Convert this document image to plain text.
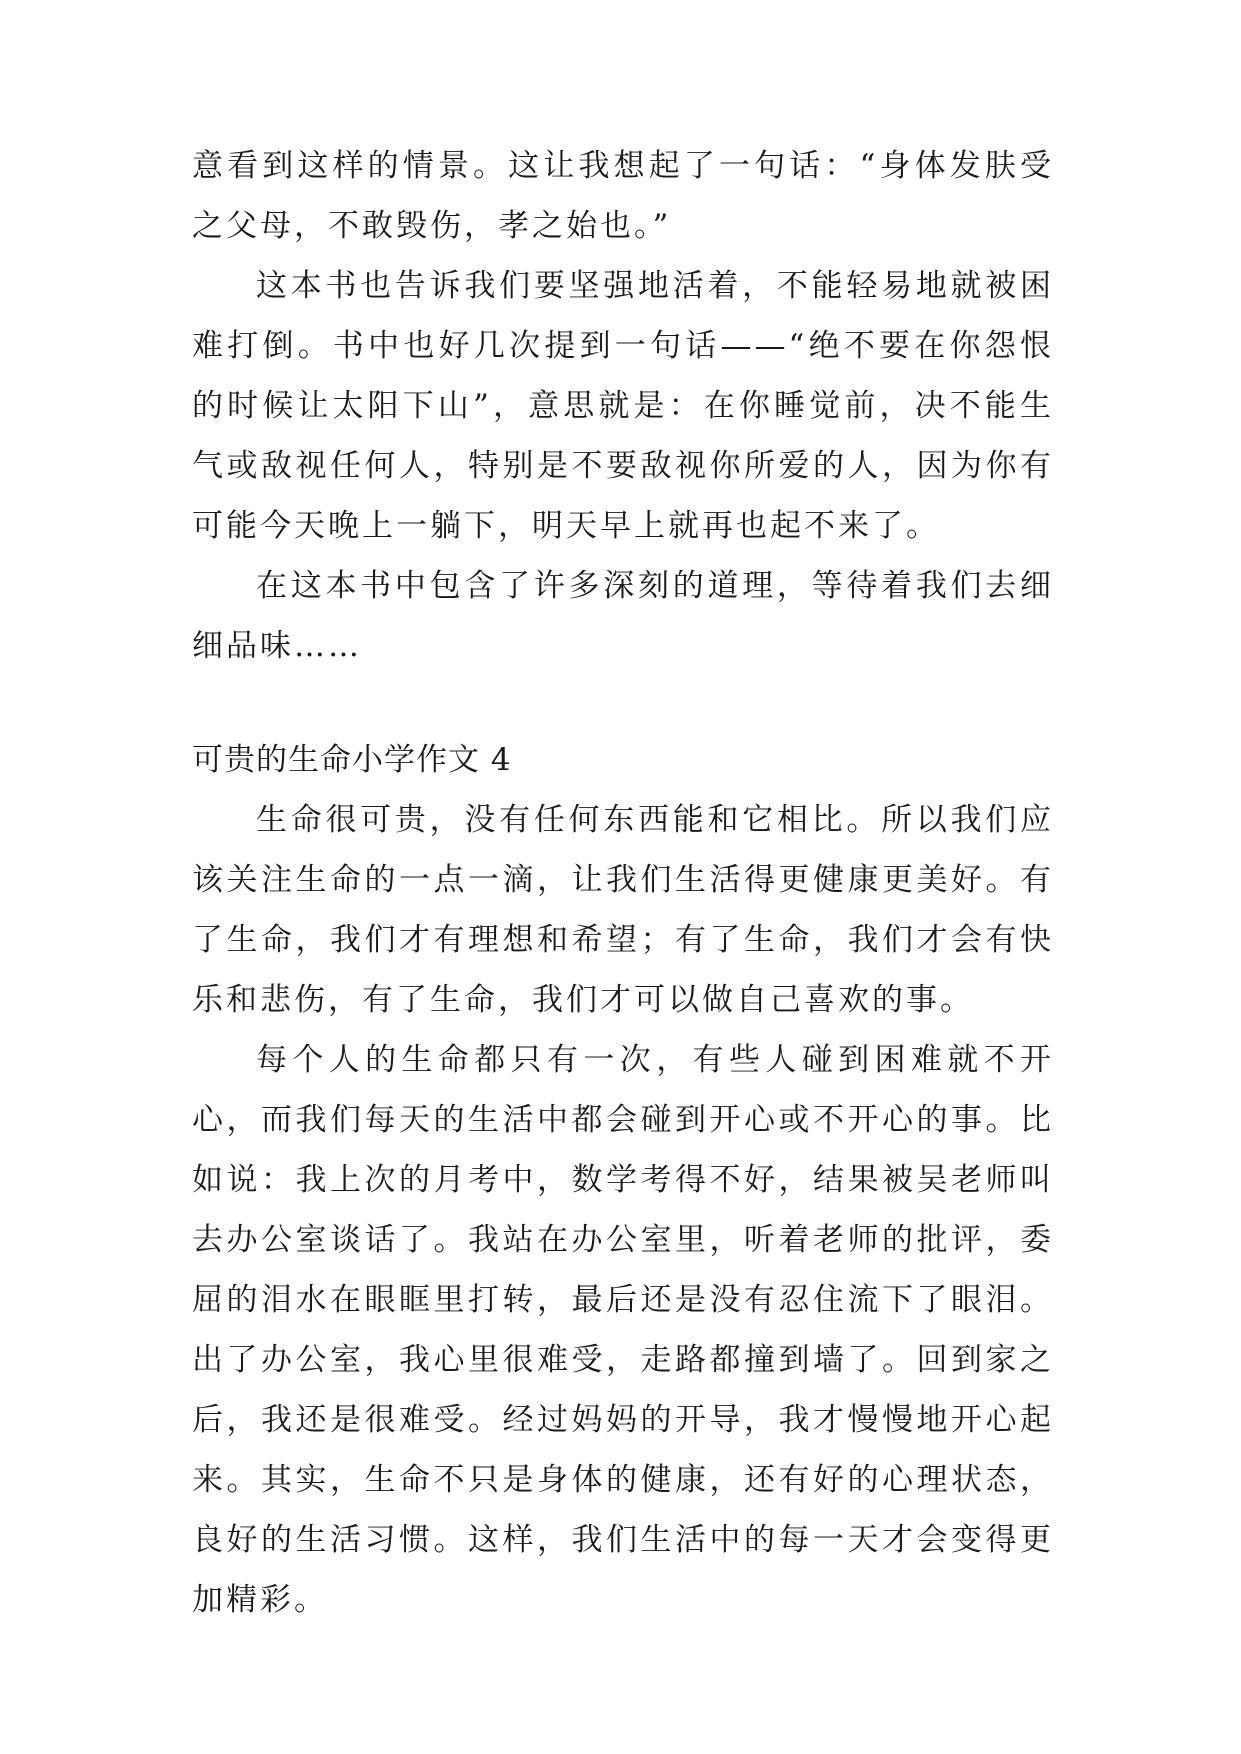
意看到这样的情景。这让我想起了一句话：“身体发肤受之父母，不敢毁伤，孝之始也。”

这本书也告诉我们要坚强地活着，不能轻易地就被困难打倒。书中也好几次提到一句话——“绝不要在你怨恨的时候让太阳下山”，意思就是：在你睡觉前，决不能生气或敌视任何人，特别是不要敌视你所爱的人，因为你有可能今天晚上一躺下，明天早上就再也起不来了。

在这本书中包含了许多深刻的道理，等待着我们去细细品味……

可贵的生命小学作文 4

生命很可贵，没有任何东西能和它相比。所以我们应该关注生命的一点一滴，让我们生活得更健康更美好。有了生命，我们才有理想和希望；有了生命，我们才会有快乐和悲伤，有了生命，我们才可以做自己喜欢的事。

每个人的生命都只有一次，有些人碰到困难就不开心，而我们每天的生活中都会碰到开心或不开心的事。比如说：我上次的月考中，数学考得不好，结果被吴老师叫去办公室谈话了。我站在办公室里，听着老师的批评，委屈的泪水在眼眶里打转，最后还是没有忍住流下了眼泪。出了办公室，我心里很难受，走路都撞到墙了。回到家之后，我还是很难受。经过妈妈的开导，我才慢慢地开心起来。其实，生命不只是身体的健康，还有好的心理状态，良好的生活习惯。这样，我们生活中的每一天才会变得更加精彩。
